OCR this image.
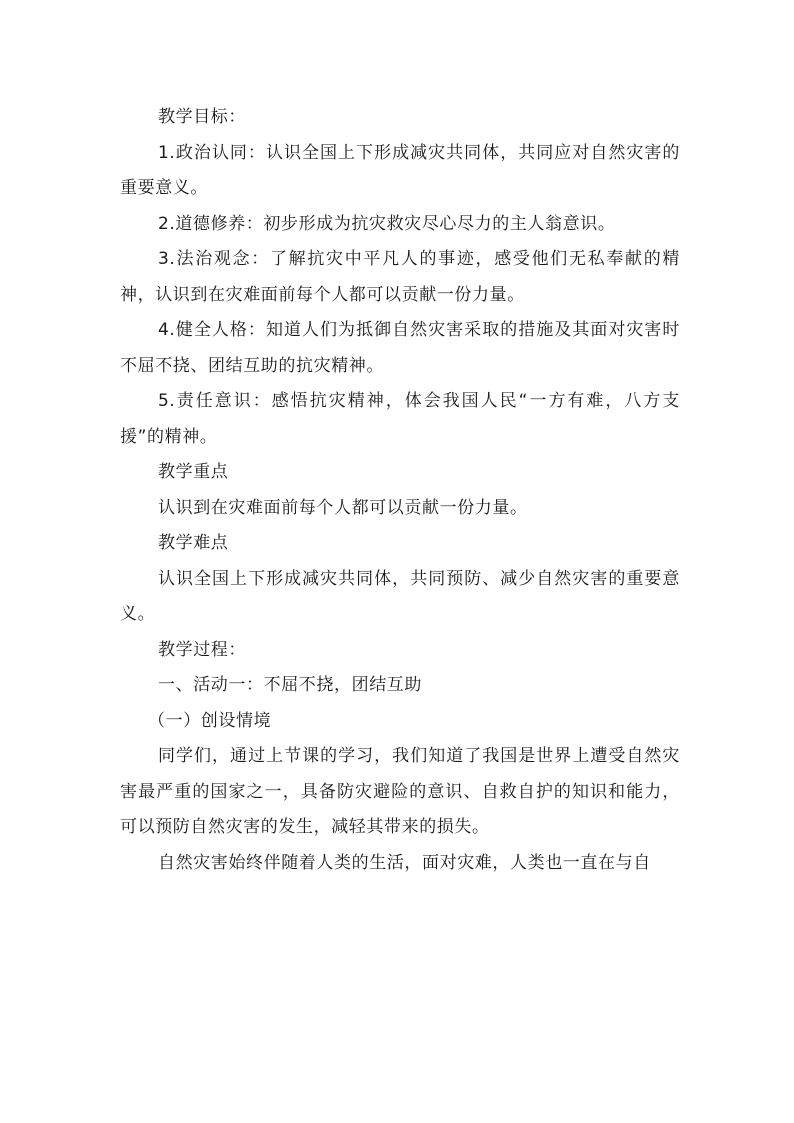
教学目标：

1.政治认同：认识全国上下形成减灾共同体，共同应对自然灾害的重要意义。

2.道德修养：初步形成为抗灾救灾尽心尽力的主人翁意识。

3.法治观念：了解抗灾中平凡人的事迹，感受他们无私奉献的精神，认识到在灾难面前每个人都可以贡献一份力量。

4.健全人格：知道人们为抵御自然灾害采取的措施及其面对灾害时不屈不挠、团结互助的抗灾精神。

5.责任意识：感悟抗灾精神，体会我国人民“一方有难，八方支援”的精神。

教学重点

认识到在灾难面前每个人都可以贡献一份力量。

教学难点

认识全国上下形成减灾共同体，共同预防、减少自然灾害的重要意义。

教学过程：

一、活动一：不屈不挠，团结互助

（一）创设情境

同学们，通过上节课的学习，我们知道了我国是世界上遭受自然灾害最严重的国家之一，具备防灾避险的意识、自救自护的知识和能力，可以预防自然灾害的发生，减轻其带来的损失。

自然灾害始终伴随着人类的生活，面对灾难，人类也一直在与自
